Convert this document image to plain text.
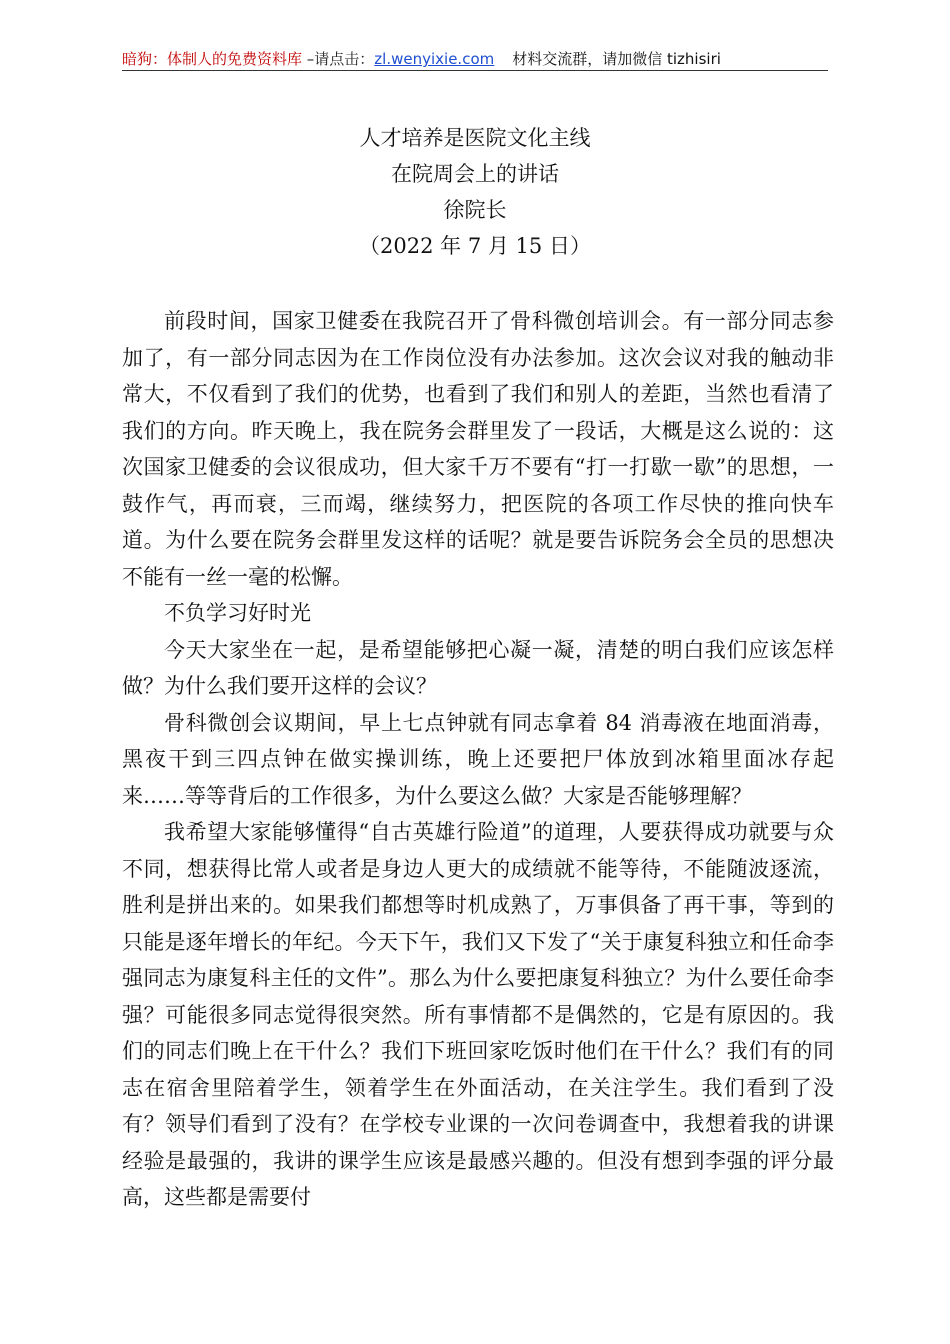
暗狗：体制人的免费资料库 –请点击：zl.wenyixie.com 材料交流群，请加微信 tizhisiri
人才培养是医院文化主线
在院周会上的讲话
徐院长
（2022 年 7 月 15 日）

前段时间，国家卫健委在我院召开了骨科微创培训会。有一部分同志参加了，有一部分同志因为在工作岗位没有办法参加。这次会议对我的触动非常大，不仅看到了我们的优势，也看到了我们和别人的差距，当然也看清了我们的方向。昨天晚上，我在院务会群里发了一段话，大概是这么说的：这次国家卫健委的会议很成功，但大家千万不要有“打一打歇一歇”的思想，一鼓作气，再而衰，三而竭，继续努力，把医院的各项工作尽快的推向快车道。为什么要在院务会群里发这样的话呢？就是要告诉院务会全员的思想决不能有一丝一毫的松懈。

不负学习好时光

今天大家坐在一起，是希望能够把心凝一凝，清楚的明白我们应该怎样做？为什么我们要开这样的会议？

骨科微创会议期间，早上七点钟就有同志拿着 84 消毒液在地面消毒，黑夜干到三四点钟在做实操训练，晚上还要把尸体放到冰箱里面冰存起来……等等背后的工作很多，为什么要这么做？大家是否能够理解？

我希望大家能够懂得“自古英雄行险道”的道理，人要获得成功就要与众不同，想获得比常人或者是身边人更大的成绩就不能等待，不能随波逐流，胜利是拼出来的。如果我们都想等时机成熟了，万事俱备了再干事，等到的只能是逐年增长的年纪。今天下午，我们又下发了“关于康复科独立和任命李强同志为康复科主任的文件”。那么为什么要把康复科独立？为什么要任命李强？可能很多同志觉得很突然。所有事情都不是偶然的，它是有原因的。我们的同志们晚上在干什么？我们下班回家吃饭时他们在干什么？我们有的同志在宿舍里陪着学生，领着学生在外面活动，在关注学生。我们看到了没有？领导们看到了没有？在学校专业课的一次问卷调查中，我想着我的讲课经验是最强的，我讲的课学生应该是最感兴趣的。但没有想到李强的评分最高，这些都是需要付
